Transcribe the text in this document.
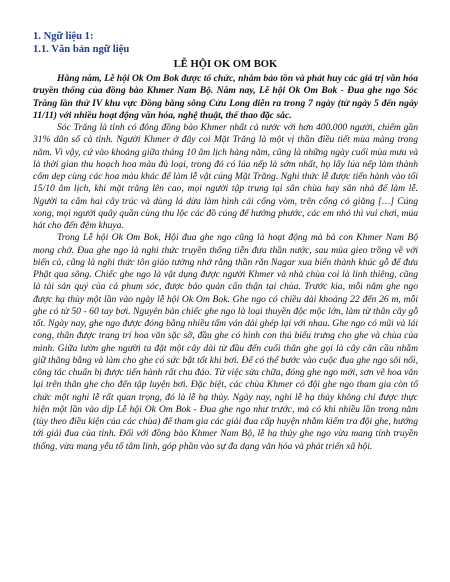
1. Ngữ liệu 1:

1.1. Văn bản ngữ liệu

LỄ HỘI OK OM BOK

Hằng năm, Lễ hội Ok Om Bok được tổ chức, nhằm bảo tồn và phát huy các giá trị văn hóa truyền thống của đồng bào Khmer Nam Bộ. Năm nay, Lễ hội Ok Om Bok - Đua ghe ngo Sóc Trăng lần thứ IV khu vực Đồng bằng sông Cửu Long diễn ra trong 7 ngày (từ ngày 5 đến ngày 11/11) với nhiều hoạt động văn hóa, nghệ thuật, thể thao đặc sắc.

Sóc Trăng là tỉnh có đông đồng bào Khmer nhất cả nước với hơn 400.000 người, chiếm gần 31% dân số cả tỉnh. Người Khmer ở đây coi Mặt Trăng là một vị thần điều tiết mùa màng trong năm. Vì vậy, cứ vào khoảng giữa tháng 10 âm lịch hàng năm, cũng là những ngày cuối mùa mưa và là thời gian thu hoạch hoa màu đủ loại, trong đó có lúa nếp là sớm nhất, họ lấy lúa nếp làm thành cốm dẹp cùng các hoa màu khác để làm lễ vật cúng Mặt Trăng. Nghi thức lễ được tiến hành vào tối 15/10 âm lịch, khi mặt trăng lên cao, mọi người tập trung tại sân chùa hay sân nhà để làm lễ. Người ta cắm hai cây trúc và dùng lá dừa làm hình cái cổng vòm, trên cổng có giăng […] Cúng xong, mọi người quây quần cùng thu lộc các đồ cúng để hưởng phước, các em nhỏ thì vui chơi, múa hát cho đến đêm khuya.

Trong Lễ hội Ok Om Bok, Hội đua ghe ngo cũng là hoạt động mà bà con Khmer Nam Bộ mong chờ. Đua ghe ngo là nghi thức truyền thống tiễn đưa thần nước, sau mùa gieo trồng về với biển cả, cũng là nghi thức tôn giáo tưởng nhớ rằng thần rắn Nagar xua biển thành khúc gỗ để đưa Phật qua sông. Chiếc ghe ngo là vật dụng được người Khmer và nhà chùa coi là linh thiêng, cũng là tài sản quý của cả phum sóc, được bảo quản cẩn thận tại chùa. Trước kia, mỗi năm ghe ngo được hạ thủy một lần vào ngày lễ hội Ok Om Bok. Ghe ngo có chiều dài khoảng 22 đến 26 m, mỗi ghe có từ 50 - 60 tay bơi. Nguyên bản chiếc ghe ngo là loại thuyền độc mộc lớn, làm từ thân cây gỗ tốt. Ngày nay, ghe ngo được đóng bằng nhiều tấm ván dài ghép lại với nhau. Ghe ngo có mũi và lái cong, thân được trang trí hoa văn sặc sỡ, đầu ghe có hình con thú biểu trưng cho ghe và chùa của mình. Giữa lườn ghe người ta đặt một cây dài từ đầu đến cuối thân ghe gọi là cây cân cầu nhằm giữ thăng bằng và làm cho ghe có sức bật tốt khi bơi. Để có thể bước vào cuộc đua ghe ngo sôi nổi, công tác chuẩn bị được tiến hành rất chu đáo. Từ việc sửa chữa, đóng ghe ngo mới, sơn vẽ hoa văn lại trên thân ghe cho đến tập luyện bơi. Đặc biệt, các chùa Khmer có đội ghe ngo tham gia còn tổ chức một nghi lễ rất quan trọng, đó là lễ hạ thủy. Ngày nay, nghi lễ hạ thủy không chỉ được thực hiện một lần vào dịp Lễ hội Ok Om Bok - Đua ghe ngo như trước, mà có khi nhiều lần trong năm (tùy theo điều kiện của các chùa) để tham gia các giải đua cấp huyện nhằm kiểm tra đội ghe, hướng tới giải đua của tỉnh. Đối với đồng bào Khmer Nam Bộ, lễ hạ thủy ghe ngo vừa mang tính truyền thống, vừa mang yếu tố tâm linh, góp phần vào sự đa dạng văn hóa và phát triển xã hội.
